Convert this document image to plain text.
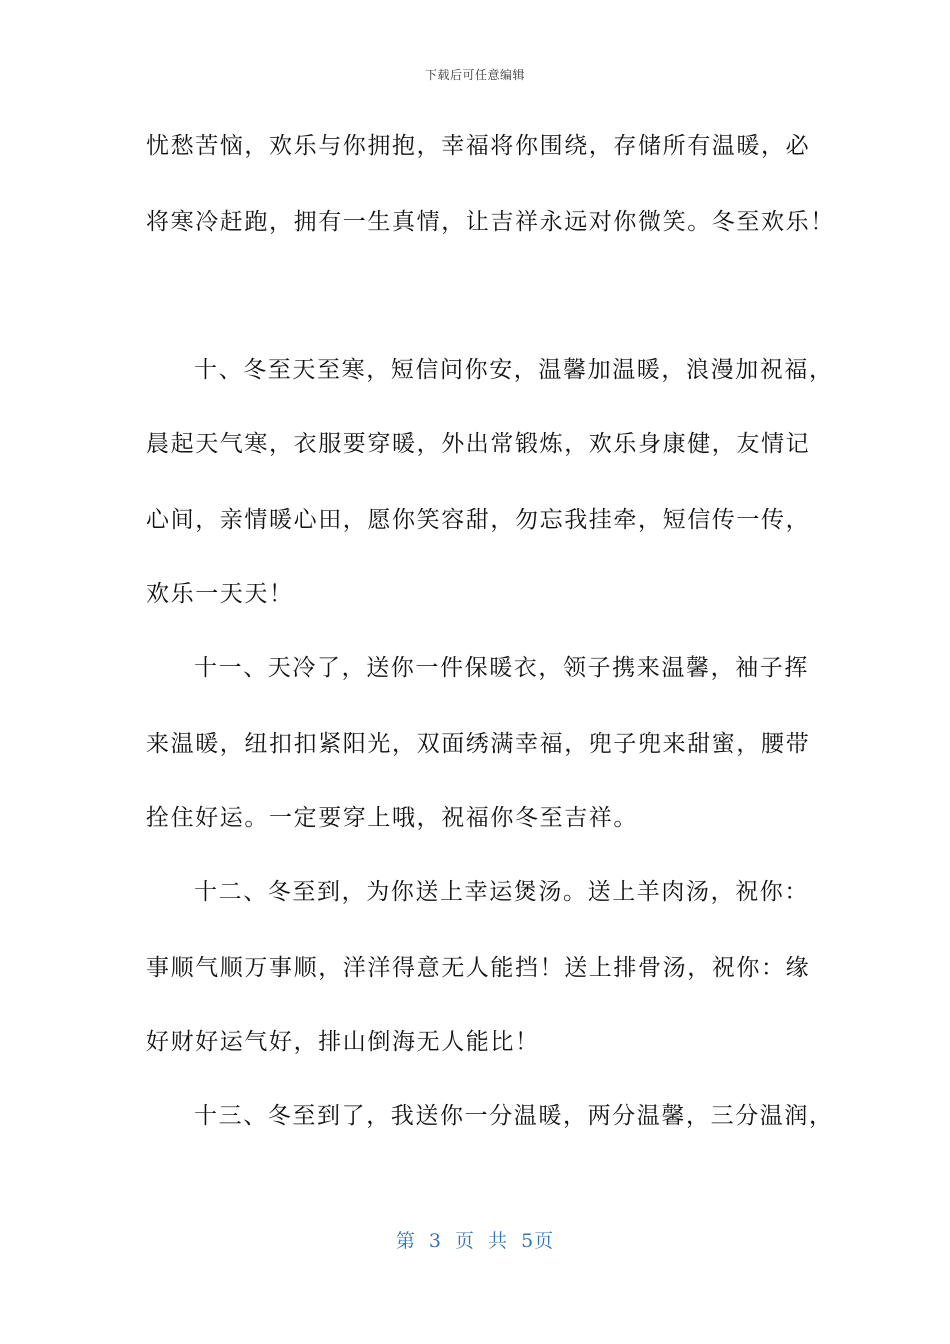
下载后可任意编辑
忧愁苦恼，欢乐与你拥抱，幸福将你围绕，存储所有温暖，必
将寒冷赶跑，拥有一生真情，让吉祥永远对你微笑。冬至欢乐！
十、冬至天至寒，短信问你安，温馨加温暖，浪漫加祝福，
晨起天气寒，衣服要穿暖，外出常锻炼，欢乐身康健，友情记
心间，亲情暖心田，愿你笑容甜，勿忘我挂牵，短信传一传，
欢乐一天天！
十一、天冷了，送你一件保暖衣，领子携来温馨，袖子挥
来温暖，纽扣扣紧阳光，双面绣满幸福，兜子兜来甜蜜，腰带
拴住好运。一定要穿上哦，祝福你冬至吉祥。
十二、冬至到，为你送上幸运煲汤。送上羊肉汤，祝你：
事顺气顺万事顺，洋洋得意无人能挡！送上排骨汤，祝你：缘
好财好运气好，排山倒海无人能比！
十三、冬至到了，我送你一分温暖，两分温馨，三分温润，
第 3 页 共 5页
